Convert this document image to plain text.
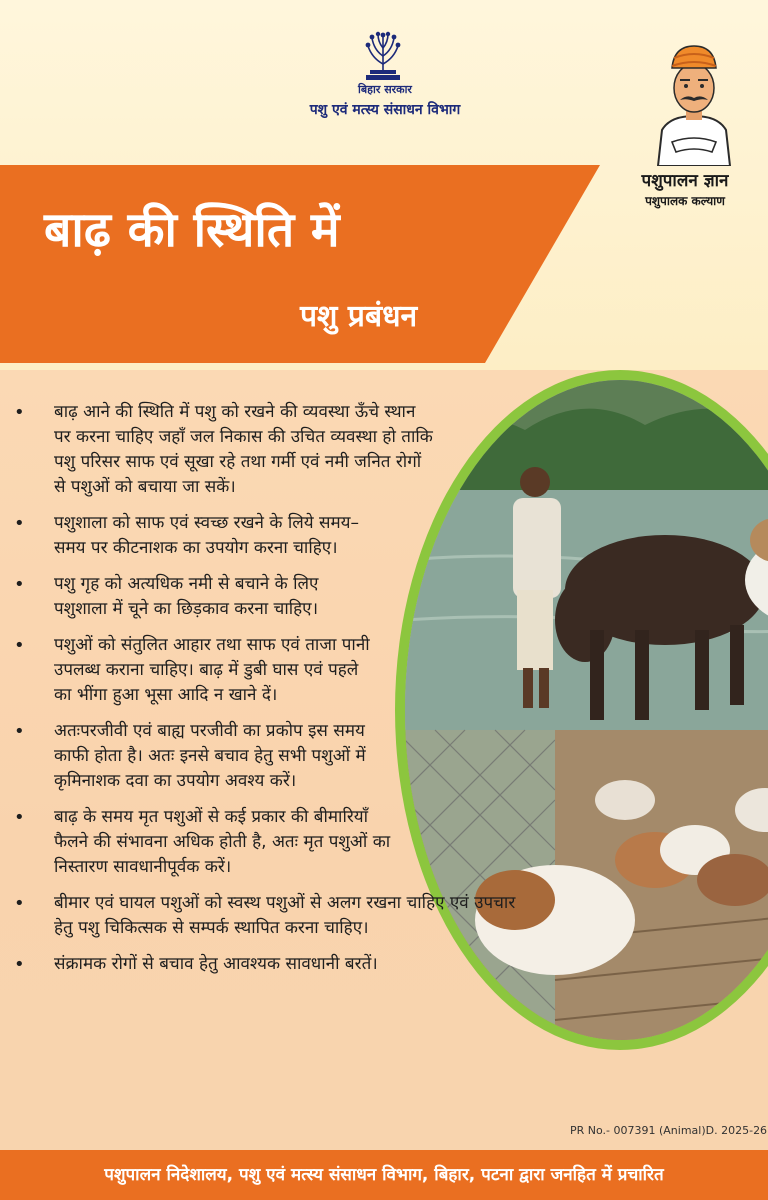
बिहार सरकार
पशु एवं मत्स्य संसाधन विभाग
पशुपालन ज्ञान
पशुपालक कल्याण
बाढ़ की स्थिति में
पशु प्रबंधन
• बाढ़ आने की स्थिति में पशु को रखने की व्यवस्था ऊँचे स्थान पर करना चाहिए जहाँ जल निकास की उचित व्यवस्था हो ताकि पशु परिसर साफ एवं सूखा रहे तथा गर्मी एवं नमी जनित रोगों से पशुओं को बचाया जा सकें।
• पशुशाला को साफ एवं स्वच्छ रखने के लिये समय–समय पर कीटनाशक का उपयोग करना चाहिए।
• पशु गृह को अत्यधिक नमी से बचाने के लिए पशुशाला में चूने का छिड़काव करना चाहिए।
• पशुओं को संतुलित आहार तथा साफ एवं ताजा पानी उपलब्ध कराना चाहिए। बाढ़ में डुबी घास एवं पहले का भींगा हुआ भूसा आदि न खाने दें।
• अतःपरजीवी एवं बाह्य परजीवी का प्रकोप इस समय काफी होता है। अतः इनसे बचाव हेतु सभी पशुओं में कृमिनाशक दवा का उपयोग अवश्य करें।
• बाढ़ के समय मृत पशुओं से कई प्रकार की बीमारियाँ फैलने की संभावना अधिक होती है, अतः मृत पशुओं का निस्तारण सावधानीपूर्वक करें।
• बीमार एवं घायल पशुओं को स्वस्थ पशुओं से अलग रखना चाहिए एवं उपचार हेतु पशु चिकित्सक से सम्पर्क स्थापित करना चाहिए।
• संक्रामक रोगों से बचाव हेतु आवश्यक सावधानी बरतें।
PR No.- 007391 (Animal)D. 2025-26
पशुपालन निदेशालय, पशु एवं मत्स्य संसाधन विभाग, बिहार, पटना द्वारा जनहित में प्रचारित
